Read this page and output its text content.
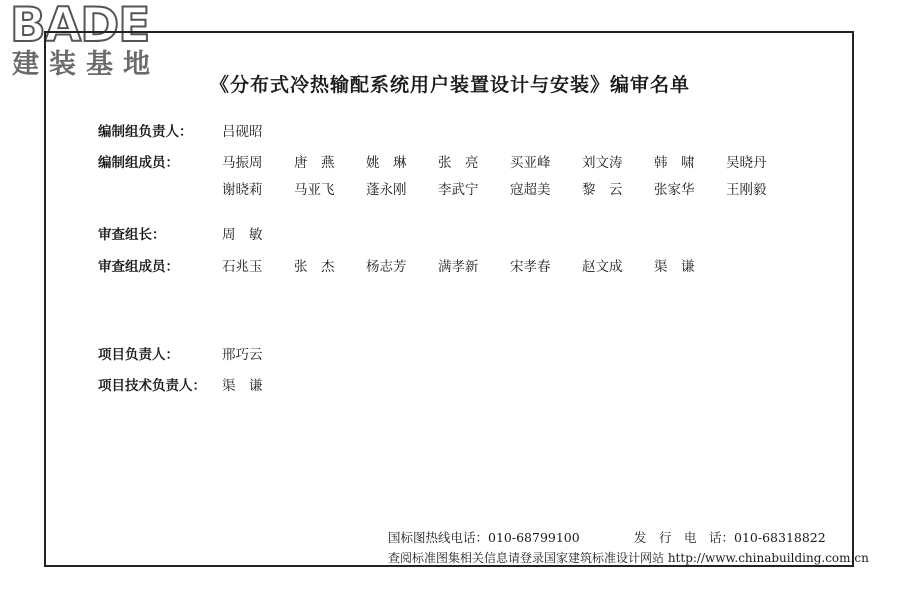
BADE
建装基地
《分布式冷热输配系统用户装置设计与安装》编审名单
编制组负责人： 吕砚昭
编制组成员：	马振周 唐　燕 姚　琳 张　亮 买亚峰 刘文涛 韩　啸 吴晓丹
谢晓莉 马亚飞 蓬永刚 李武宁 寇超美 黎　云 张家华 王刚毅
审查组长：	周　敏
审查组成员：	石兆玉 张　杰 杨志芳 满孝新 宋孝春 赵文成 渠　谦
项目负责人：	邢巧云
项目技术负责人： 渠　谦
国标图热线电话：010-68799100	发　行　电　话：010-68318822
查阅标准图集相关信息请登录国家建筑标准设计网站 http://www.chinabuilding.com.cn
